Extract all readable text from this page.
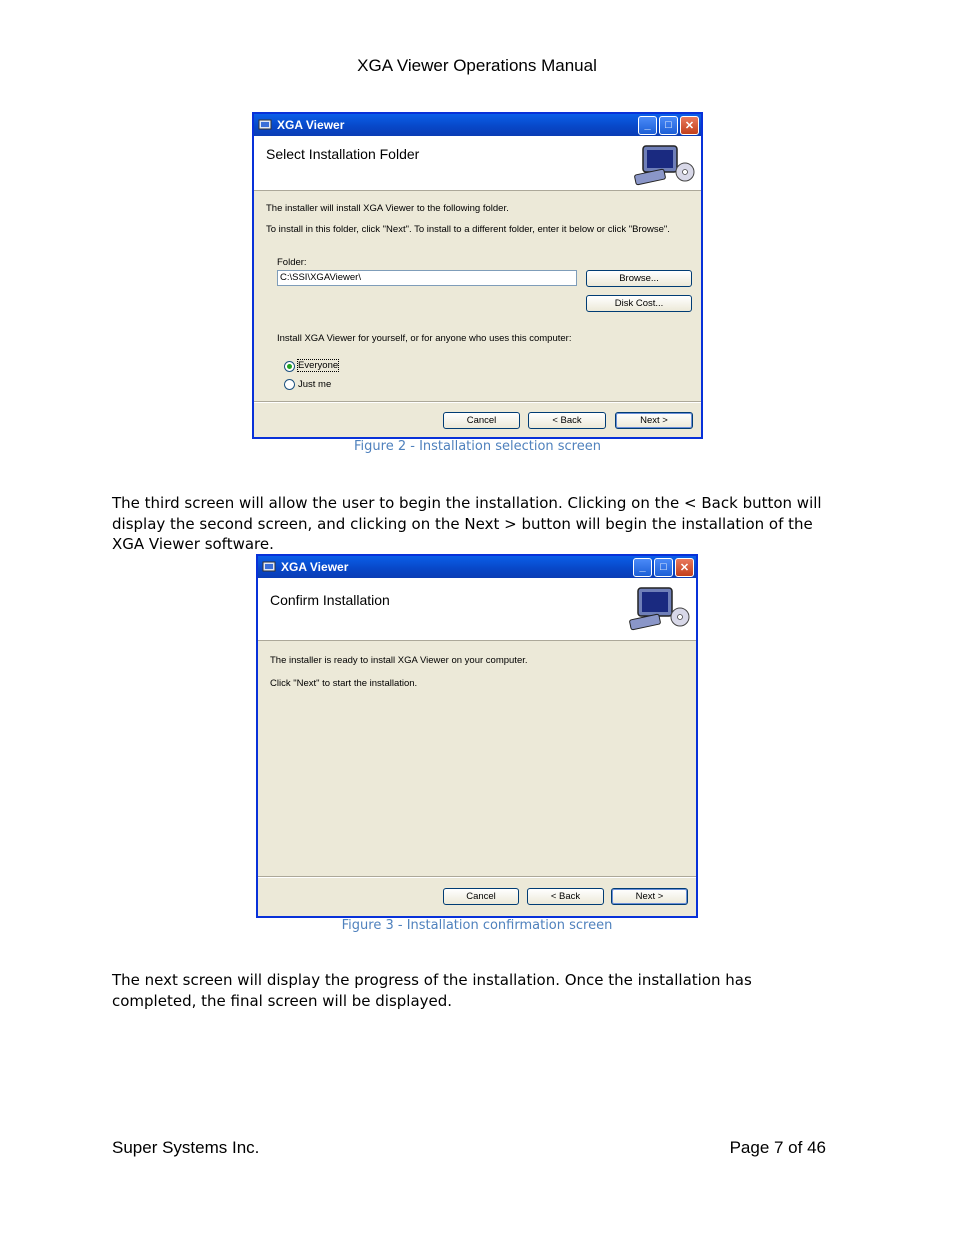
XGA Viewer Operations Manual
XGA Viewer	_	□	✕
Select Installation Folder
The installer will install XGA Viewer to the following folder.
To install in this folder, click "Next". To install to a different folder, enter it below or click "Browse".
Folder:
C:\SSI\XGAViewer\	Browse...
Disk Cost...
Install XGA Viewer for yourself, or for anyone who uses this computer:
Everyone
Just me
Cancel	< Back	Next >
Figure 2 - Installation selection screen
The third screen will allow the user to begin the installation. Clicking on the < Back button will display the second screen, and clicking on the Next > button will begin the installation of the XGA Viewer software.
XGA Viewer	_	□	✕
Confirm Installation
The installer is ready to install XGA Viewer on your computer.
Click "Next" to start the installation.
Cancel	< Back	Next >
Figure 3 - Installation confirmation screen
The next screen will display the progress of the installation. Once the installation has completed, the final screen will be displayed.
Super Systems Inc.	Page 7 of 46
